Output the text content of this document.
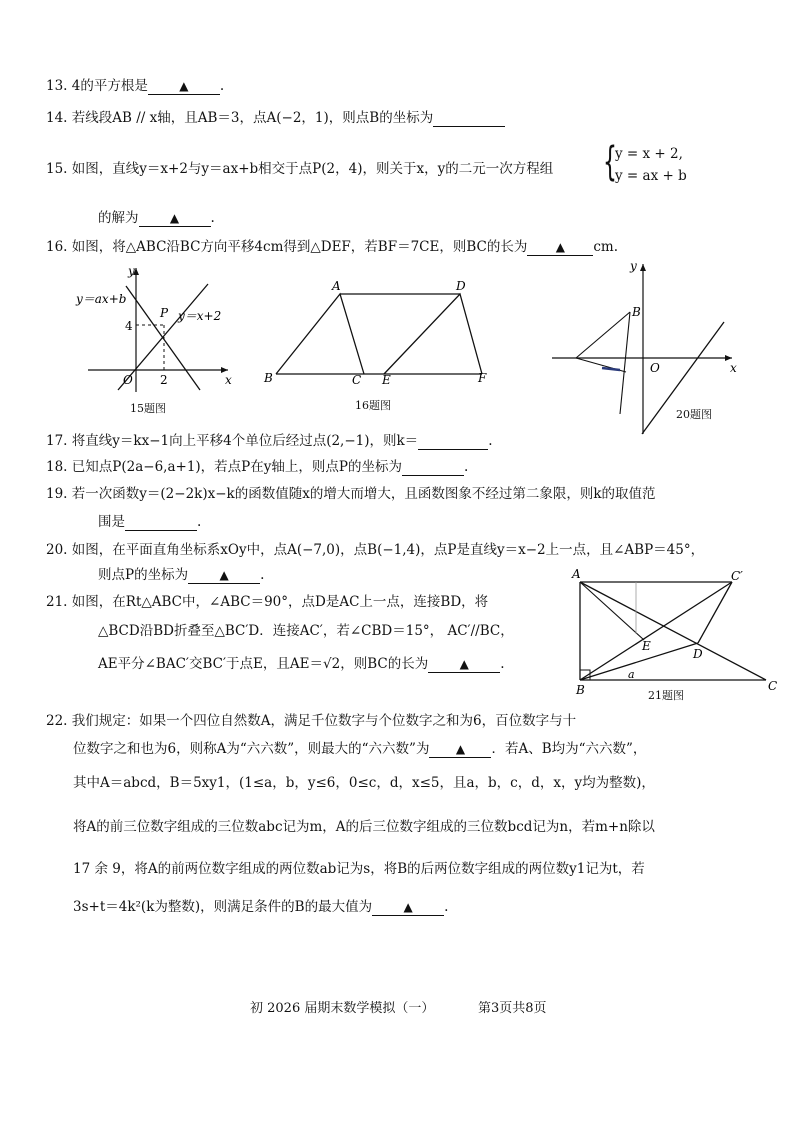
13. 4的平方根是	▲ .
14. 若线段AB // x轴，且AB＝3，点A(−2，1)，则点B的坐标为
15. 如图，直线y＝x+2与y＝ax+b相交于点P(2，4)，则关于x，y的二元一次方程组 {
y = x + 2,
y = ax + b
的解为	▲ .
16. 如图，将△ABC沿BC方向平移4cm得到△DEF，若BF＝7CE，则BC的长为 ▲ cm.
y
x
O 2
4
P
y＝ax+b
y＝x+2
15题图
A	D
B	C E	F
16题图
y
x
O
B
20题图
17. 将直线y＝kx−1向上平移4个单位后经过点(2,−1)，则k＝	.
18. 已知点P(2a−6,a+1)，若点P在y轴上，则点P的坐标为	.
19. 若一次函数y＝(2−2k)x−k的函数值随x的增大而增大，且函数图象不经过第二象限，则k的取值范
围是	.
20. 如图，在平面直角坐标系xOy中，点A(−7,0)，点B(−1,4)，点P是直线y＝x−2上一点，且∠ABP＝45°，
则点P的坐标为	▲ .
21. 如图，在Rt△ABC中，∠ABC＝90°，点D是AC上一点，连接BD，将
△BCD沿BD折叠至△BC′D．连接AC′，若∠CBD＝15°， AC′//BC，
AE平分∠BAC′交BC′于点E，且AE＝√2，则BC的长为	▲ .
A	C′
E
D
B	C
a
21题图
22. 我们规定：如果一个四位自然数A，满足千位数字与个位数字之和为6，百位数字与十
位数字之和也为6，则称A为“六六数”，则最大的“六六数”为 ▲ ．若A、B均为“六六数”，
其中A＝abcd，B＝5xy1，(1≤a，b，y≤6，0≤c，d，x≤5，且a，b，c，d，x，y均为整数)，
将A的前三位数字组成的三位数abc记为m，A的后三位数字组成的三位数bcd记为n，若m+n除以
17 余 9，将A的前两位数字组成的两位数ab记为s，将B的后两位数字组成的两位数y1记为t，若
3s+t＝4k²(k为整数)，则满足条件的B的最大值为	▲ .
初 2026 届期末数学模拟（一）	第3页共8页
